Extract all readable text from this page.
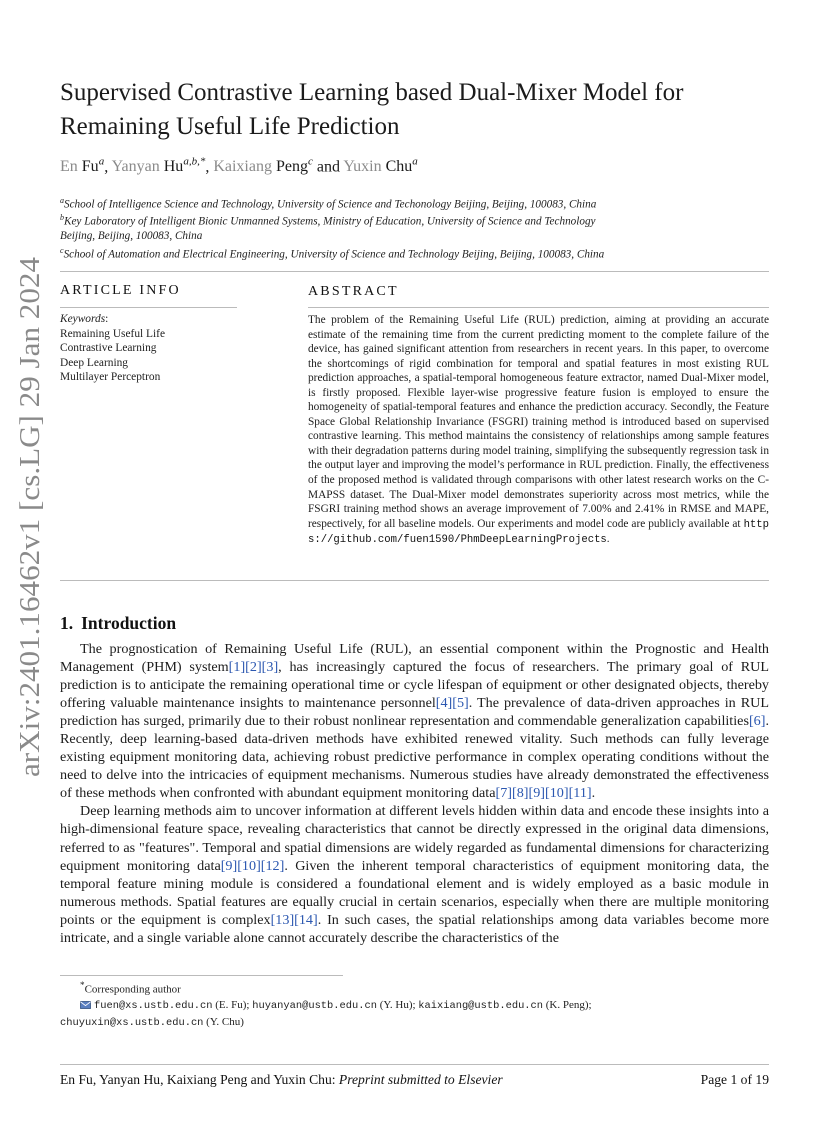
arXiv:2401.16462v1 [cs.LG] 29 Jan 2024
Supervised Contrastive Learning based Dual-Mixer Model for
Remaining Useful Life Prediction
En Fu$^a$, Yanyan $Hu^{a,b,*}$, Kaixiang Peng$^c$ and Yuxin Chu$^a$
$^a$School of Intelligence Science and Technology, University of Science and Techonology Beijing, Beijing, 100083, China
$^b$Key Laboratory of Intelligent Bionic Unmanned Systems, Ministry of Education, University of Science and Technology
Beijing, Beijing, 100083, China
$^c$School of Automation and Electrical Engineering, University of Science and Technology Beijing, Beijing, 100083, China
ARTICLE INFO
Keywords:
Remaining Useful Life
Contrastive Learning
Deep Learning
Multilayer Perceptron
ABSTRACT
The problem of the Remaining Useful Life (RUL) prediction, aiming at providing an accurate estimate of the remaining time from the current predicting moment to the complete failure of the device, has gained significant attention from researchers in recent years. In this paper, to overcome the shortcomings of rigid combination for temporal and spatial features in most existing RUL prediction approaches, a spatial-temporal homogeneous feature extractor, named Dual-Mixer model, is firstly proposed. Flexible layer-wise progressive feature fusion is employed to ensure the homogeneity of spatial-temporal features and enhance the prediction accuracy. Secondly, the Feature Space Global Relationship Invariance (FSGRI) training method is introduced based on supervised contrastive learning. This method maintains the consistency of relationships among sample features with their degradation patterns during model training, simplifying the subsequently regression task in the output layer and improving the model’s performance in RUL prediction. Finally, the effectiveness of the proposed method is validated through comparisons with other latest research works on the C-MAPSS dataset. The Dual-Mixer model demonstrates superiority across most metrics, while the FSGRI training method shows an average improvement of 7.00% and 2.41% in RMSE and MAPE, respectively, for all baseline models. Our experiments and model code are publicly available at https://github.com/fuen1590/PhmDeepLearningProjects.
1. Introduction

The prognostication of Remaining Useful Life (RUL), an essential component within the Prognostic and Health Management (PHM) system[1][2][3], has increasingly captured the focus of researchers. The primary goal of RUL prediction is to anticipate the remaining operational time or cycle lifespan of equipment or other designated objects, thereby offering valuable maintenance insights to maintenance personnel[4][5]. The prevalence of data-driven approaches in RUL prediction has surged, primarily due to their robust nonlinear representation and commendable generalization capabilities[6]. Recently, deep learning-based data-driven methods have exhibited renewed vitality. Such methods can fully leverage existing equipment monitoring data, achieving robust predictive performance in complex operating conditions without the need to delve into the intricacies of equipment mechanisms. Numerous studies have already demonstrated the effectiveness of these methods when confronted with abundant equipment monitoring data[7][8][9][10][11].

Deep learning methods aim to uncover information at different levels hidden within data and encode these insights into a high-dimensional feature space, revealing characteristics that cannot be directly expressed in the original data dimensions, referred to as "features". Temporal and spatial dimensions are widely regarded as fundamental dimensions for characterizing equipment monitoring data[9][10][12]. Given the inherent temporal characteristics of equipment monitoring data, the temporal feature mining module is considered a foundational element and is widely employed as a basic module in numerous methods. Spatial features are equally crucial in certain scenarios, especially when there are multiple monitoring points or the equipment is complex[13][14]. In such cases, the spatial relationships among data variables become more intricate, and a single variable alone cannot accurately describe the characteristics of the

*Corresponding author
fuen@xs.ustb.edu.cn (E. Fu); huyanyan@ustb.edu.cn (Y. Hu); kaixiang@ustb.edu.cn (K. Peng);
chuyuxin@xs.ustb.edu.cn (Y. Chu)
En Fu, Yanyan Hu, Kaixiang Peng and Yuxin Chu: Preprint submitted to Elsevier	Page 1 of 19
